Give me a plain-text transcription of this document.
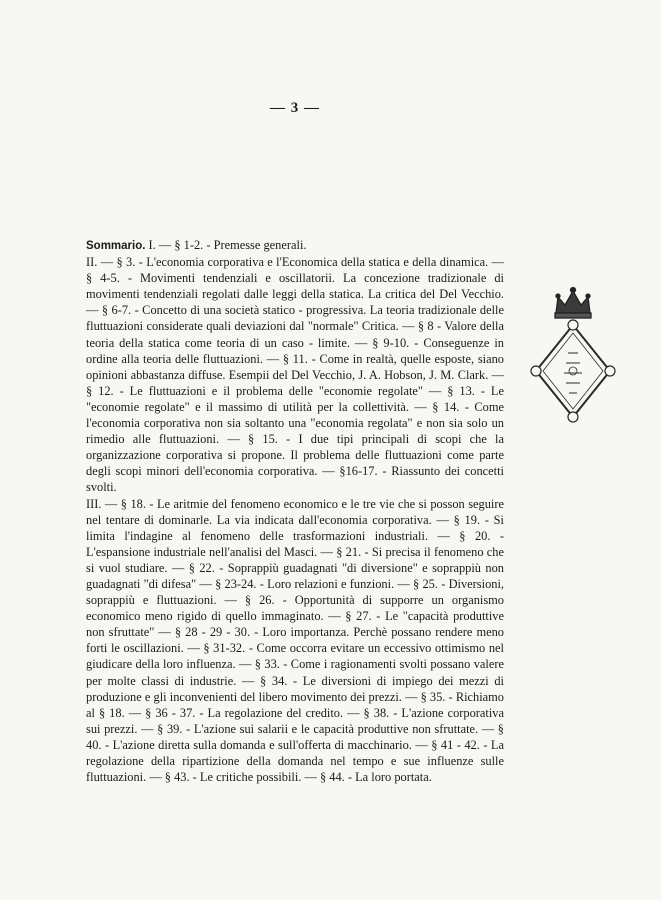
— 3 —

Sommario. I. — § 1-2. - Premesse generali.

II. — § 3. - L'economia corporativa e l'Economica della statica e della dinamica. — § 4-5. - Movimenti tendenziali e oscillatorii. La concezione tradizionale di movimenti tendenziali regolati dalle leggi della statica. La critica del Del Vecchio. — § 6-7. - Concetto di una società statico - progressiva. La teoria tradizionale delle fluttuazioni considerate quali deviazioni dal "normale" Critica. — § 8 - Valore della teoria della statica come teoria di un caso - limite. — § 9-10. - Conseguenze in ordine alla teoria delle fluttuazioni. — § 11. - Come in realtà, quelle esposte, siano opinioni abbastanza diffuse. Esempii del Del Vecchio, J. A. Hobson, J. M. Clark. — § 12. - Le fluttuazioni e il problema delle "economie regolate" — § 13. - Le "economie regolate" e il massimo di utilità per la collettività. — § 14. - Come l'economia corporativa non sia soltanto una "economia regolata" e non sia solo un rimedio alle fluttuazioni. — § 15. - I due tipi principali di scopi che la organizzazione corporativa si propone. Il problema delle fluttuazioni come parte degli scopi minori dell'economia corporativa. — §16-17. - Riassunto dei concetti svolti.

III. — § 18. - Le aritmie del fenomeno economico e le tre vie che si posson seguire nel tentare di dominarle. La via indicata dall'economia corporativa. — § 19. - Si limita l'indagine al fenomeno delle trasformazioni industriali. — § 20. - L'espansione industriale nell'analisi del Masci. — § 21. - Si precisa il fenomeno che si vuol studiare. — § 22. - Soprappiù guadagnati "di diversione" e soprappiù non guadagnati "di difesa" — § 23-24. - Loro relazioni e funzioni. — § 25. - Diversioni, soprappiù e fluttuazioni. — § 26. - Opportunità di supporre un organismo economico meno rigido di quello immaginato. — § 27. - Le "capacità produttive non sfruttate" — § 28 - 29 - 30. - Loro importanza. Perchè possano rendere meno forti le oscillazioni. — § 31-32. - Come occorra evitare un eccessivo ottimismo nel giudicare della loro influenza. — § 33. - Come i ragionamenti svolti possano valere per molte classi di industrie. — § 34. - Le diversioni di impiego dei mezzi di produzione e gli inconvenienti del libero movimento dei prezzi. — § 35. - Richiamo al § 18. — § 36 - 37. - La regolazione del credito. — § 38. - L'azione corporativa sui prezzi. — § 39. - L'azione sui salarii e le capacità produttive non sfruttate. — § 40. - L'azione diretta sulla domanda e sull'offerta di macchinario. — § 41 - 42. - La regolazione della ripartizione della domanda nel tempo e sue influenze sulle fluttuazioni. — § 43. - Le critiche possibili. — § 44. - La loro portata.
